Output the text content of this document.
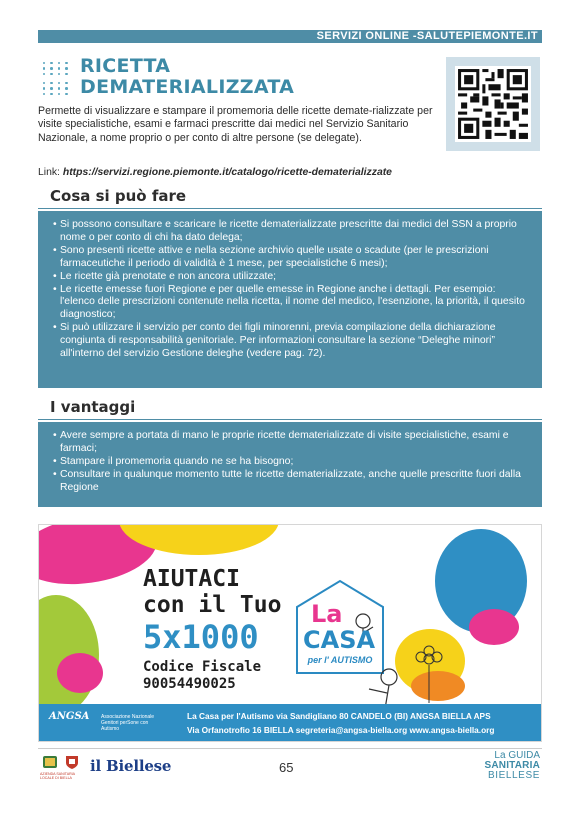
SERVIZI ONLINE -SALUTEPIEMONTE.IT
RICETTA
DEMATERIALIZZATA

Permette di visualizzare e stampare il promemoria delle ricette demate-rializzate per visite specialistiche, esami e farmaci prescritte dai medici nel Servizio Sanitario Nazionale, a nome proprio o per conto di altre persone (se delegate).

Link: https://servizi.regione.piemonte.it/catalogo/ricette-dematerializzate

Cosa si può fare
• Si possono consultare e scaricare le ricette dematerializzate prescritte dai medici del SSN a proprio nome o per conto di chi ha dato delega;
• Sono presenti ricette attive e nella sezione archivio quelle usate o scadute (per le prescrizioni farmaceutiche il periodo di validità è 1 mese, per specialistiche 6 mesi);
• Le ricette già prenotate e non ancora utilizzate;
• Le ricette emesse fuori Regione e per quelle emesse in Regione anche i dettagli. Per esempio: l'elenco delle prescrizioni contenute nella ricetta, il nome del medico, l'esenzione, la priorità, il quesito diagnostico;
• Si può utilizzare il servizio per conto dei figli minorenni, previa compilazione della dichiarazione congiunta di responsabilità genitoriale. Per informazioni consultare la sezione “Deleghe minori” all'interno del servizio Gestione deleghe (vedere pag. 72).
I vantaggi
• Avere sempre a portata di mano le proprie ricette dematerializzate di visite specialistiche, esami e farmaci;
• Stampare il promemoria quando ne se ha bisogno;
• Consultare in qualunque momento tutte le ricette dematerializzate, anche quelle prescritte fuori dalla Regione
AIUTACI
con il Tuo
5x1000
Codice Fiscale
90054490025
La
CASA
per l' AUTISMO
ANGSA Associazione Nazionale Genitori perSone con Autismo
La Casa per l'Autismo via Sandigliano 80 CANDELO (BI) ANGSA BIELLA APS
Via Orfanotrofio 16 BIELLA segreteria@angsa-biella.org www.angsa-biella.org
AZIENDA SANITARIA LOCALE DI BIELLA
il Biellese	65
La GUIDA
SANITARIA
BIELLESE
